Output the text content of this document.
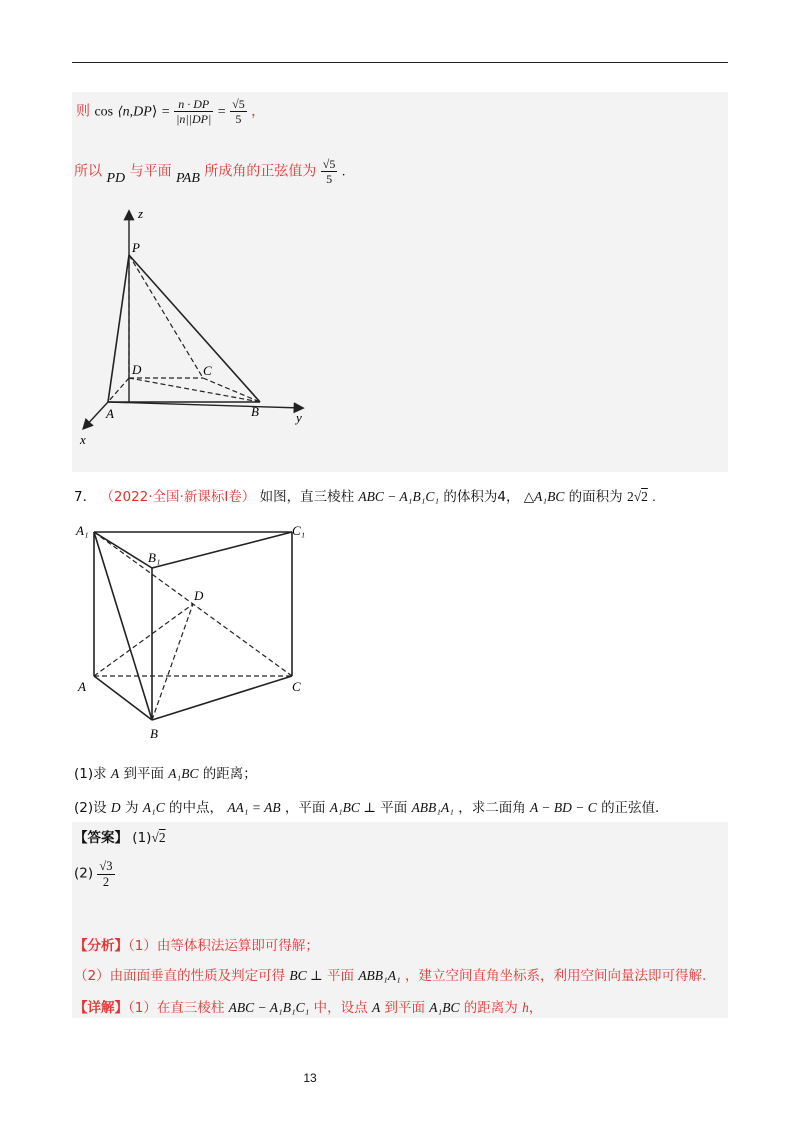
则 cos ⟨n,DP⟩ = $\frac{n \cdot DP}{|n||DP|} = \frac{√5}{5}$ ，
所以 PD 与平面 PAB 所成角的正弦值为 $\frac{√5}{5}$ .
z
P
D	C
A	B	y
x
7． （2022·全国·新课标Ⅰ卷） 如图，直三棱柱 ABC − A₁B₁C₁ 的体积为4， △A₁BC 的面积为 2√2 .
A₁
B₁
C₁
D
A	C
B
(1)求 A 到平面 A₁BC 的距离；
(2)设 D 为 A₁C 的中点， AA₁ = AB ，平面 A₁BC ⊥ 平面 ABB₁A₁ ，求二面角 A − BD − C 的正弦值.
【答案】 (1)√2
$(2) \frac{√3}{2}$
【分析】（1）由等体积法运算即可得解；
（2）由面面垂直的性质及判定可得 BC ⊥ 平面 ABB₁A₁ ，建立空间直角坐标系，利用空间向量法即可得解.
【详解】（1）在直三棱柱 ABC − A₁B₁C₁ 中，设点 A 到平面 A₁BC 的距离为 h，
13
